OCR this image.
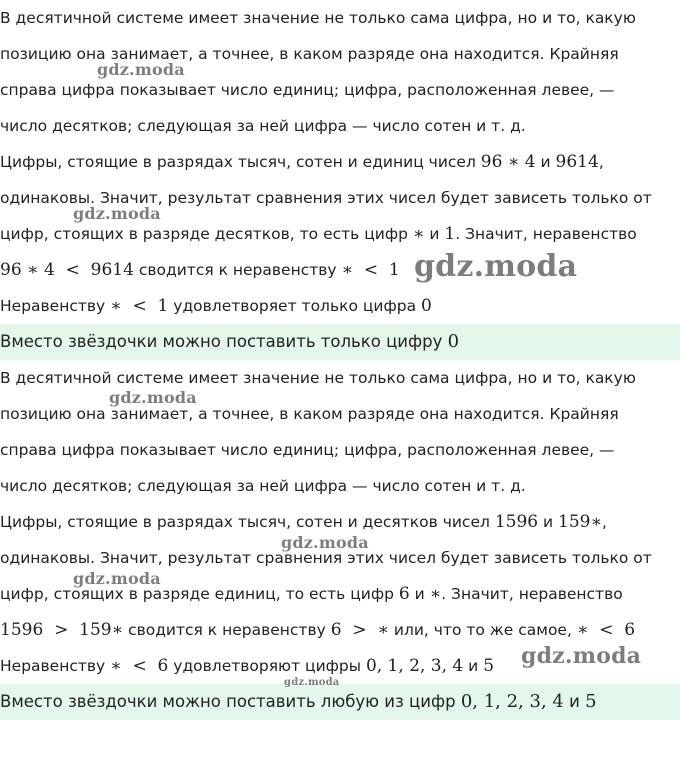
В десятичной системе имеет значение не только сама цифра, но и то, какую
позицию она занимает, а точнее, в каком разряде она находится. Крайняя
справа цифра показывает число единиц; цифра, расположенная левее, —
число десятков; следующая за ней цифра — число сотен и т. д.
Цифры, стоящие в разрядах тысяч, сотен и единиц чисел 96 ∗ 4 и 9614,
одинаковы. Значит, результат сравнения этих чисел будет зависеть только от
цифр, стоящих в разряде десятков, то есть цифр ∗ и 1. Значит, неравенство
96 ∗ 4  <  9614 сводится к неравенству ∗  <  1
Неравенству ∗  <  1 удовлетворяет только цифра 0
Вместо звёздочки можно поставить только цифру 0
В десятичной системе имеет значение не только сама цифра, но и то, какую
позицию она занимает, а точнее, в каком разряде она находится. Крайняя
справа цифра показывает число единиц; цифра, расположенная левее, —
число десятков; следующая за ней цифра — число сотен и т. д.
Цифры, стоящие в разрядах тысяч, сотен и десятков чисел 1596 и 159∗,
одинаковы. Значит, результат сравнения этих чисел будет зависеть только от
цифр, стоящих в разряде единиц, то есть цифр 6 и ∗. Значит, неравенство
1596  >  159∗ сводится к неравенству 6  >  ∗ или, что то же самое, ∗  <  6
Неравенству ∗  <  6 удовлетворяют цифры 0, 1, 2, 3, 4 и 5
Вместо звёздочки можно поставить любую из цифр 0, 1, 2, 3, 4 и 5
gdz.moda
gdz.moda
gdz.moda
gdz.moda
gdz.moda
gdz.moda
gdz.moda
gdz.moda
